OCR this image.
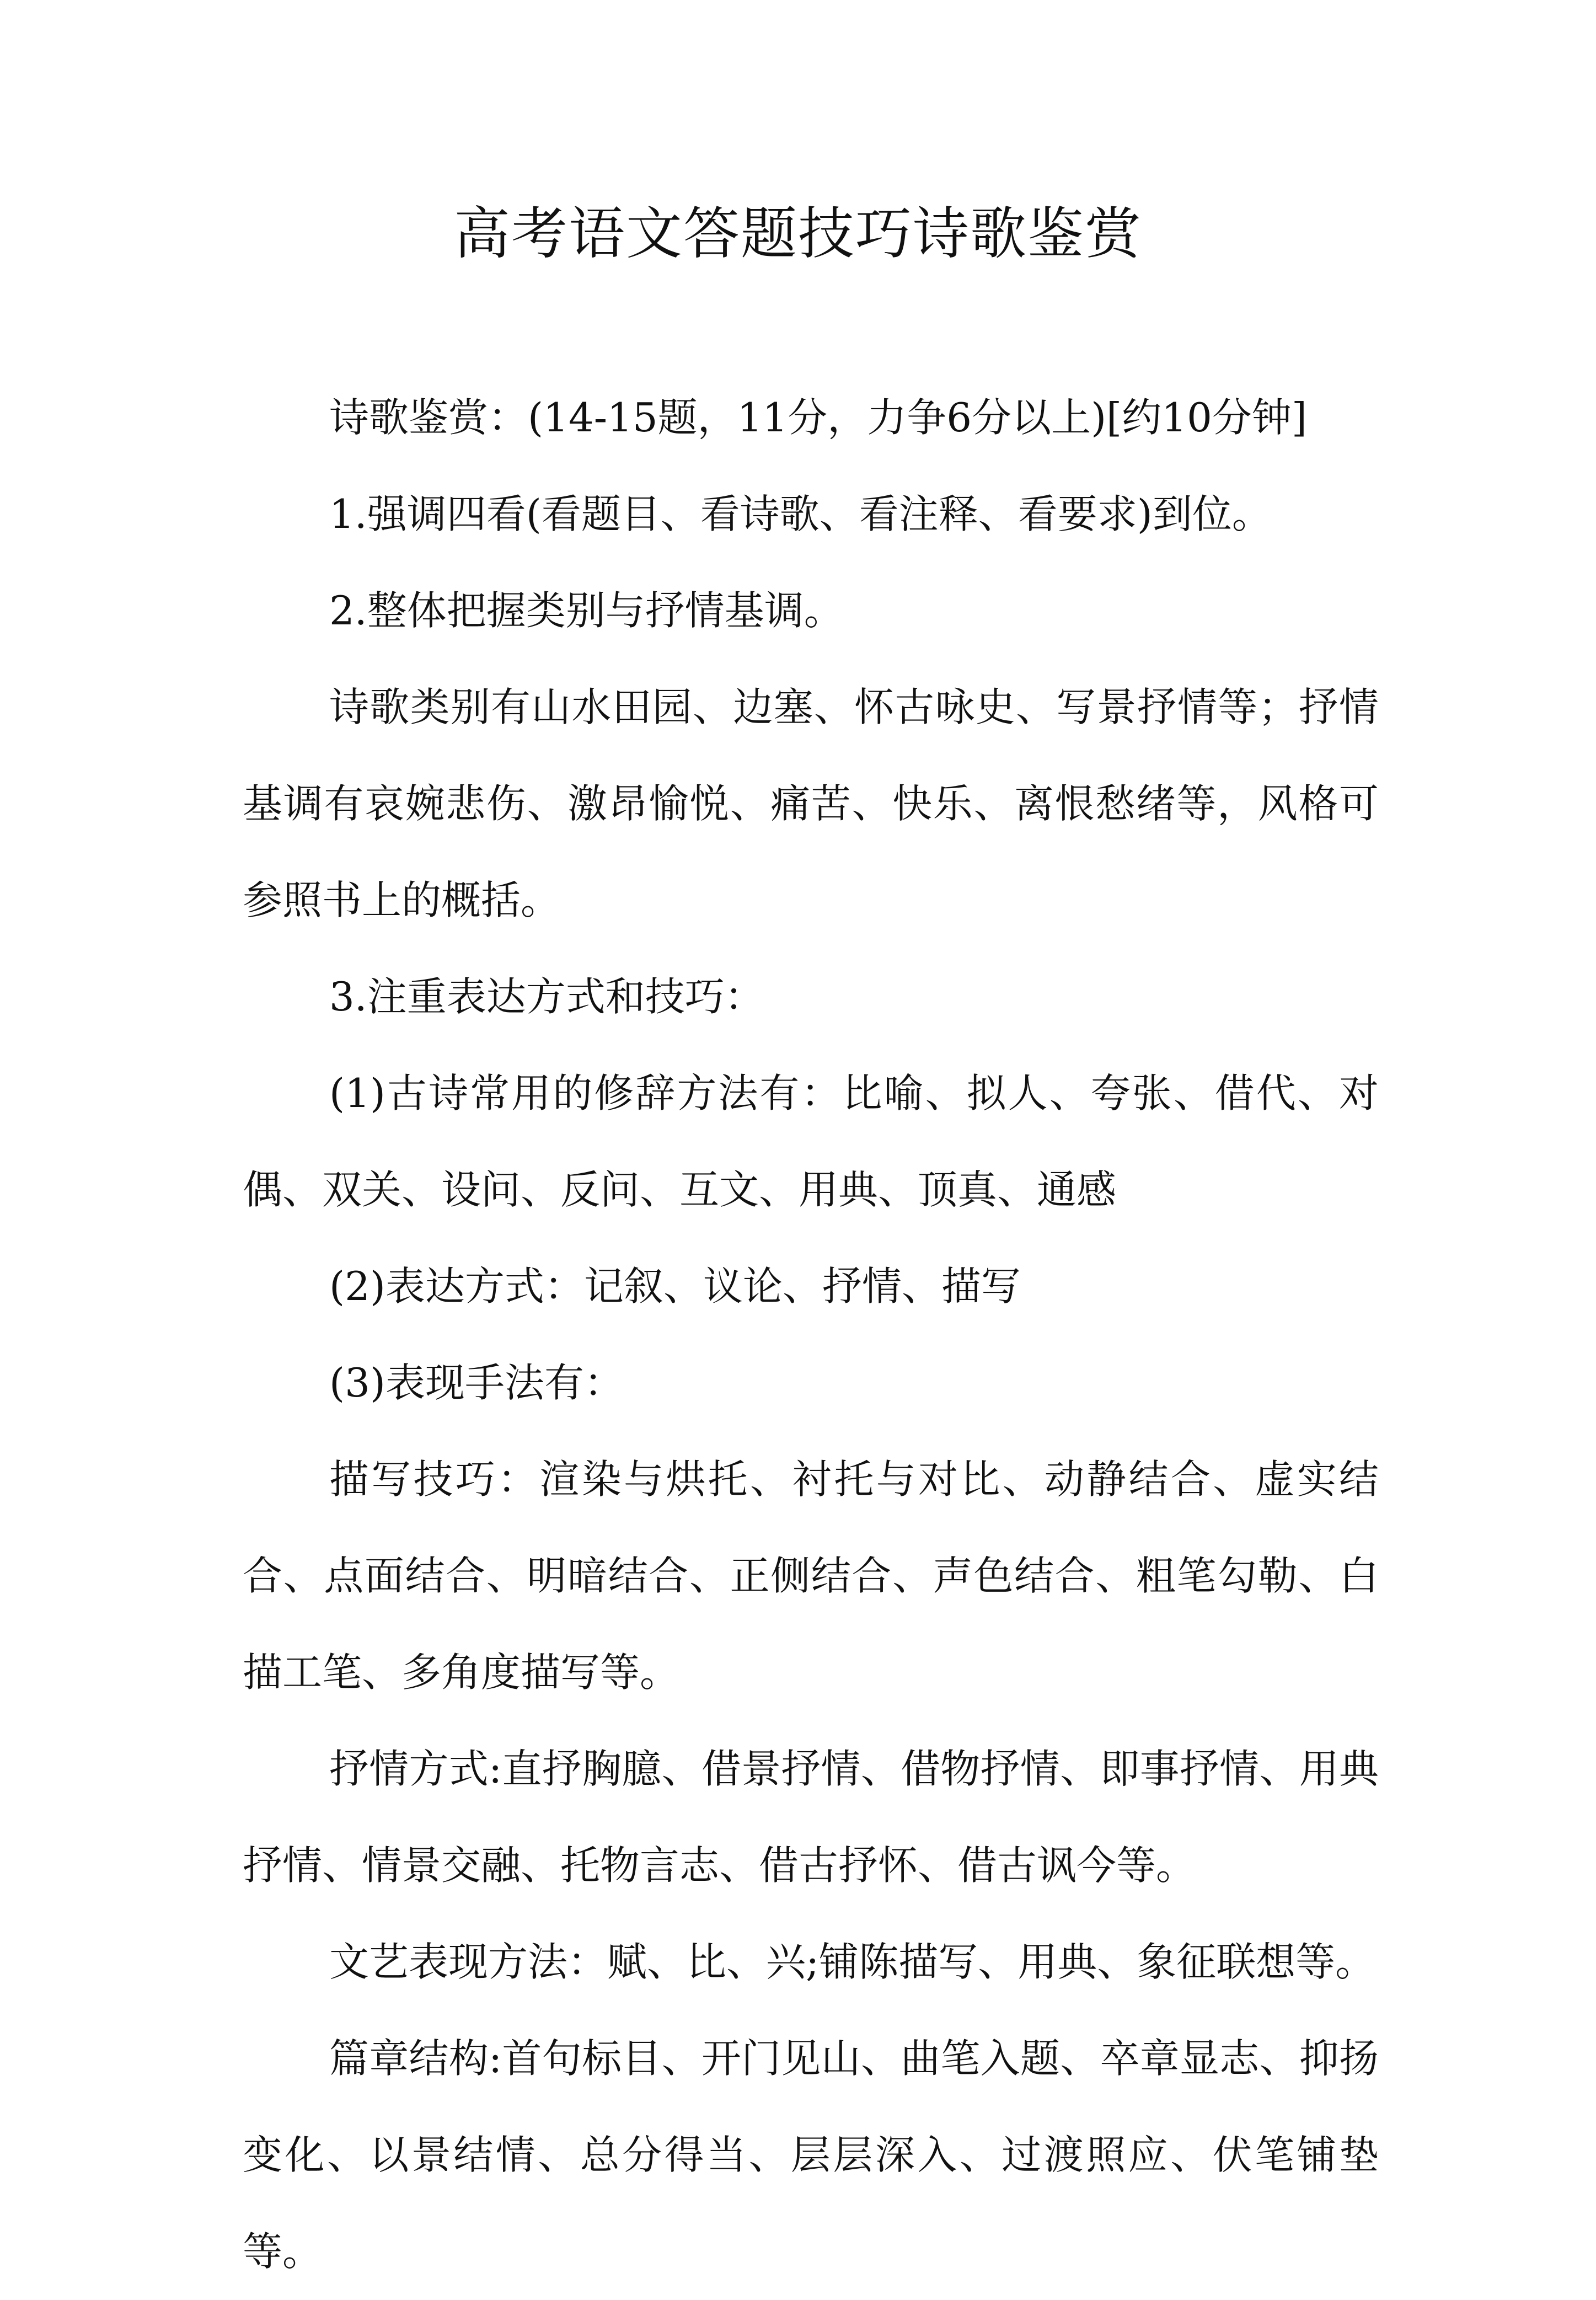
高考语文答题技巧诗歌鉴赏

诗歌鉴赏：(14-15题，11分，力争6分以上)[约10分钟]

1.强调四看(看题目、看诗歌、看注释、看要求)到位。

2.整体把握类别与抒情基调。

诗歌类别有山水田园、边塞、怀古咏史、写景抒情等；抒情基调有哀婉悲伤、激昂愉悦、痛苦、快乐、离恨愁绪等，风格可参照书上的概括。

3.注重表达方式和技巧：

(1)古诗常用的修辞方法有：比喻、拟人、夸张、借代、对偶、双关、设问、反问、互文、用典、顶真、通感

(2)表达方式：记叙、议论、抒情、描写

(3)表现手法有：

描写技巧：渲染与烘托、衬托与对比、动静结合、虚实结合、点面结合、明暗结合、正侧结合、声色结合、粗笔勾勒、白描工笔、多角度描写等。

抒情方式:直抒胸臆、借景抒情、借物抒情、即事抒情、用典抒情、情景交融、托物言志、借古抒怀、借古讽今等。

文艺表现方法：赋、比、兴;铺陈描写、用典、象征联想等。

篇章结构:首句标目、开门见山、曲笔入题、卒章显志、抑扬变化、以景结情、总分得当、层层深入、过渡照应、伏笔铺垫等。
